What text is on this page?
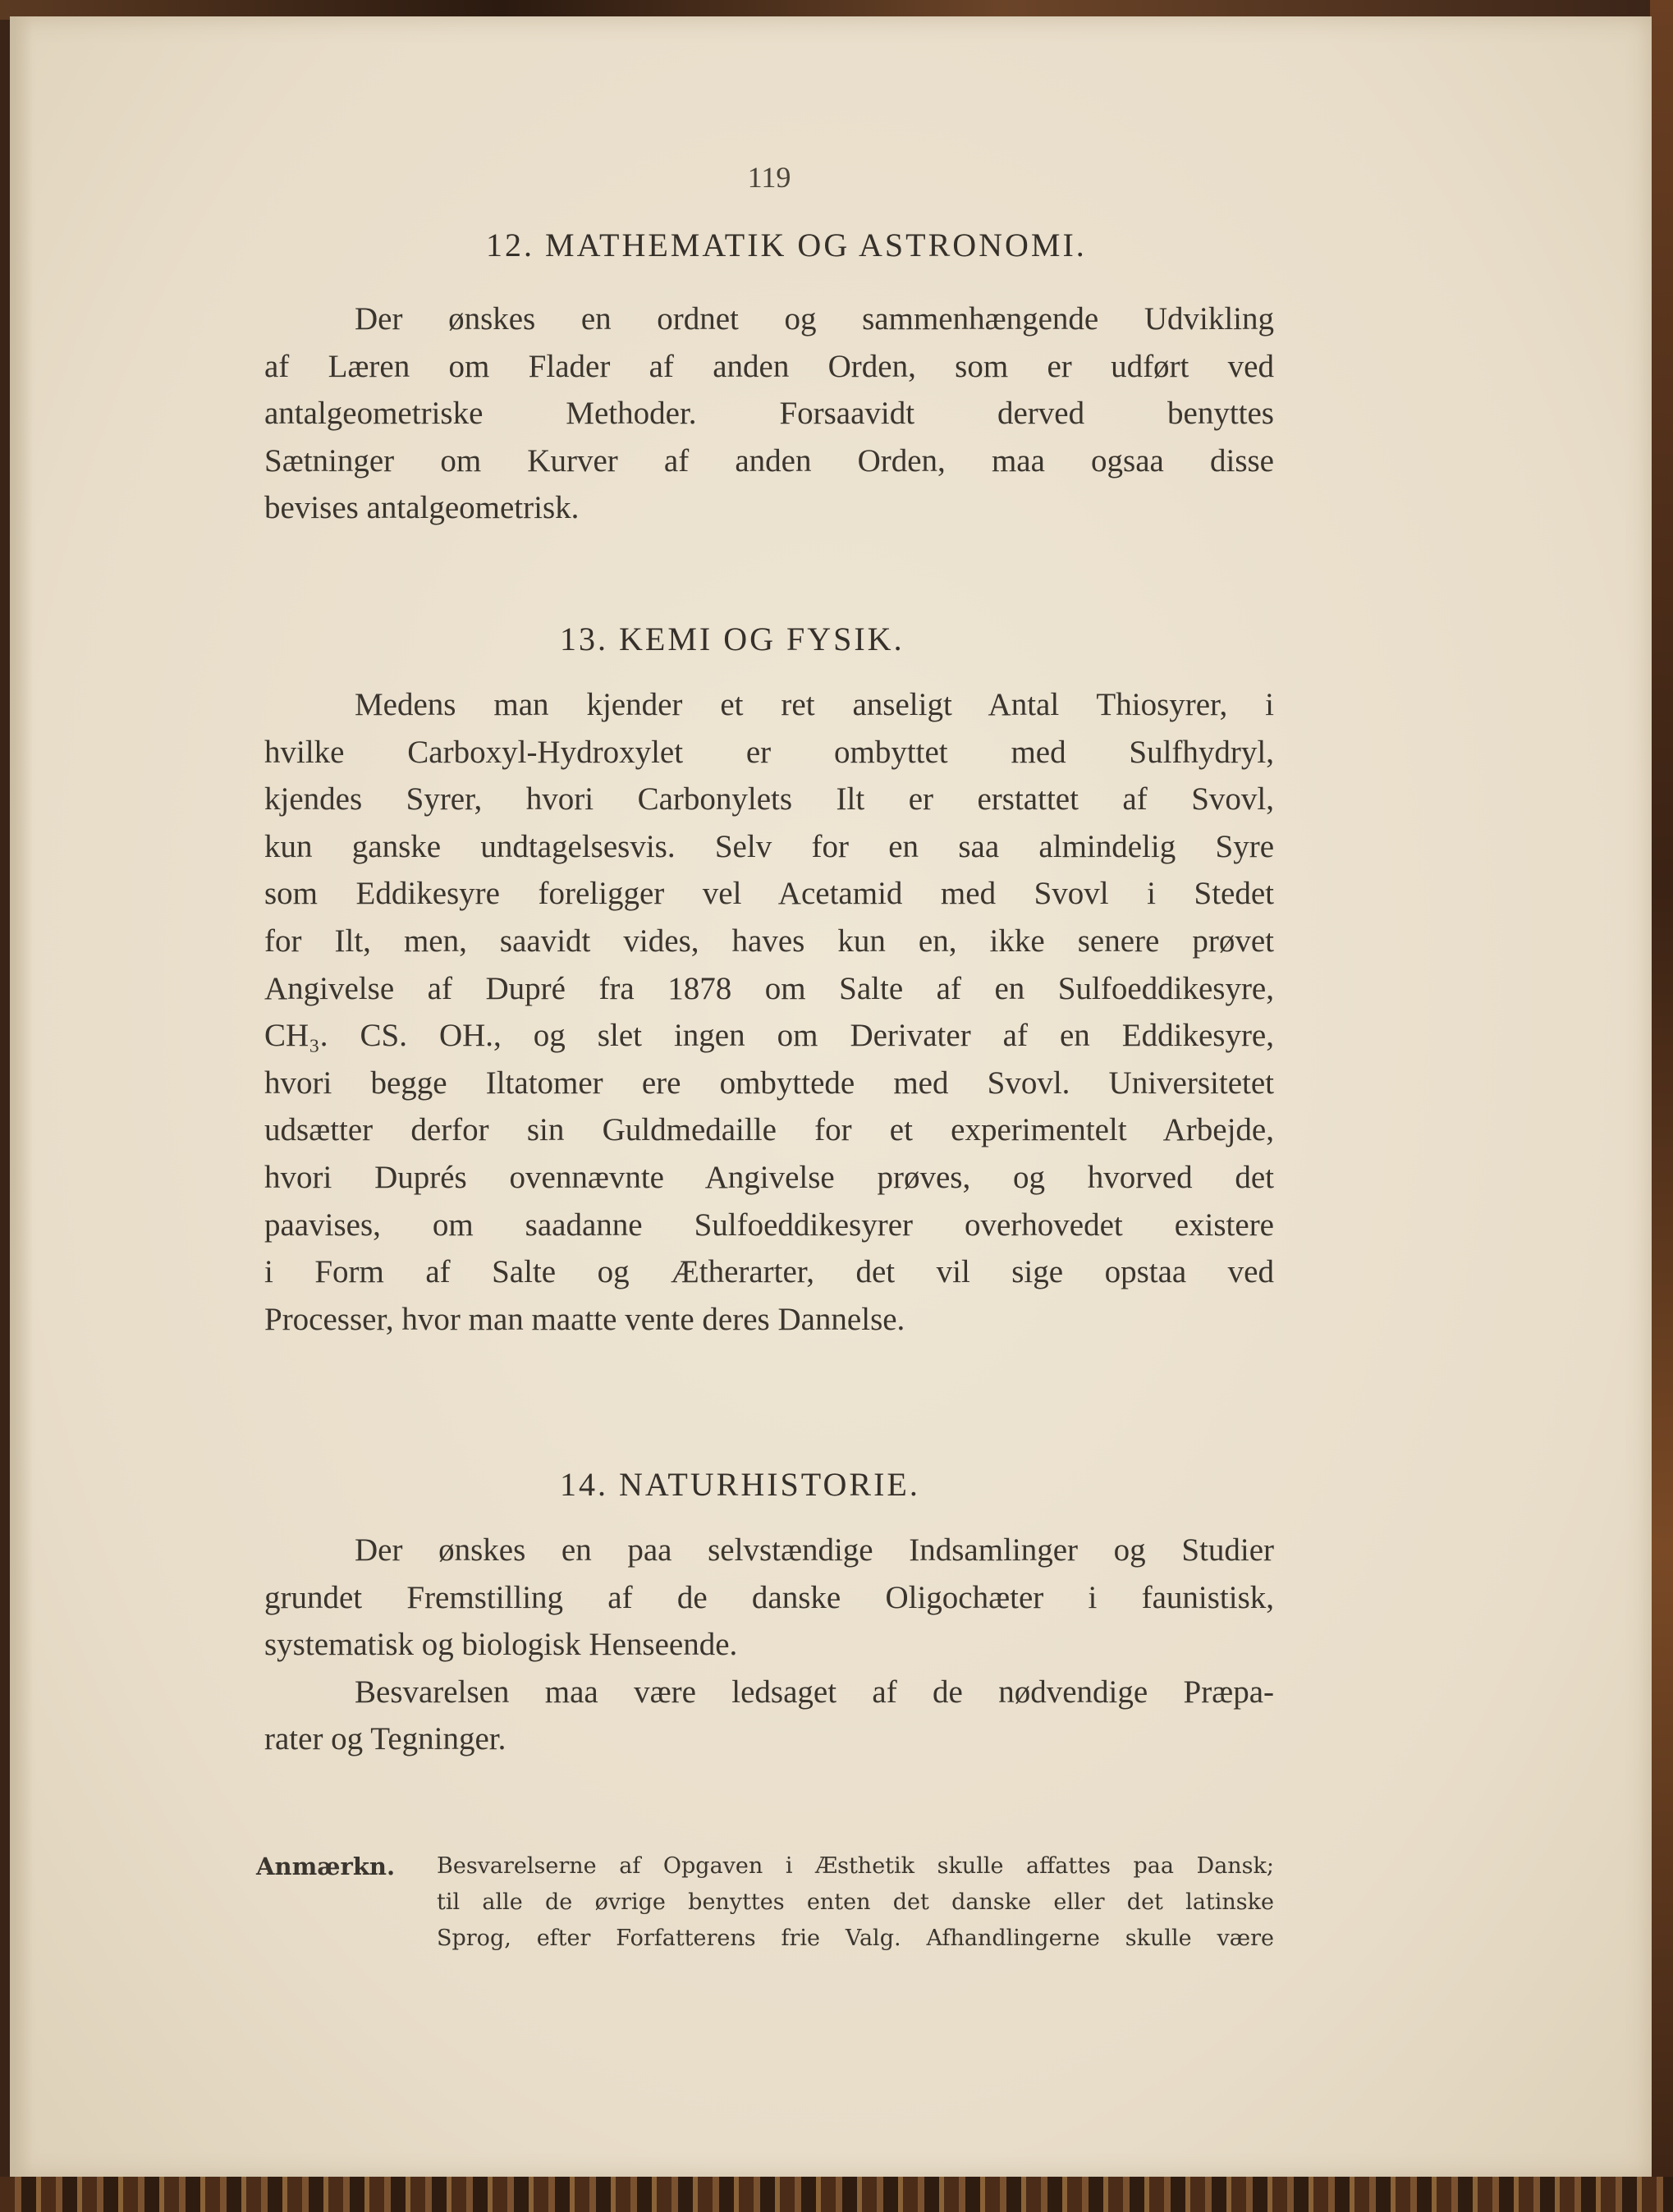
119
12. MATHEMATIK OG ASTRONOMI.

Der ønskes en ordnet og sammenhængende Udvikling
af Læren om Flader af anden Orden, som er udført ved
antalgeometriske Methoder. Forsaavidt derved benyttes
Sætninger om Kurver af anden Orden, maa ogsaa disse
bevises antalgeometrisk.

13. KEMI OG FYSIK.

Medens man kjender et ret anseligt Antal Thiosyrer, i
hvilke Carboxyl-Hydroxylet er ombyttet med Sulfhydryl,
kjendes Syrer, hvori Carbonylets Ilt er erstattet af Svovl,
kun ganske undtagelsesvis. Selv for en saa almindelig Syre
som Eddikesyre foreligger vel Acetamid med Svovl i Stedet
for Ilt, men, saavidt vides, haves kun en, ikke senere prøvet
Angivelse af Dupré fra 1878 om Salte af en Sulfoeddikesyre,
CH₃. CS. OH., og slet ingen om Derivater af en Eddikesyre,
hvori begge Iltatomer ere ombyttede med Svovl. Universitetet
udsætter derfor sin Guldmedaille for et experimentelt Arbejde,
hvori Duprés ovennævnte Angivelse prøves, og hvorved det
paavises, om saadanne Sulfoeddikesyrer overhovedet existere
i Form af Salte og Ætherarter, det vil sige opstaa ved
Processer, hvor man maatte vente deres Dannelse.

14. NATURHISTORIE.

Der ønskes en paa selvstændige Indsamlinger og Studier
grundet Fremstilling af de danske Oligochæter i faunistisk,
systematisk og biologisk Henseende.

Besvarelsen maa være ledsaget af de nødvendige Præpa-
rater og Tegninger.

Anmærkn. Besvarelserne af Opgaven i Æsthetik skulle affattes paa Dansk;
til alle de øvrige benyttes enten det danske eller det latinske
Sprog, efter Forfatterens frie Valg. Afhandlingerne skulle være
